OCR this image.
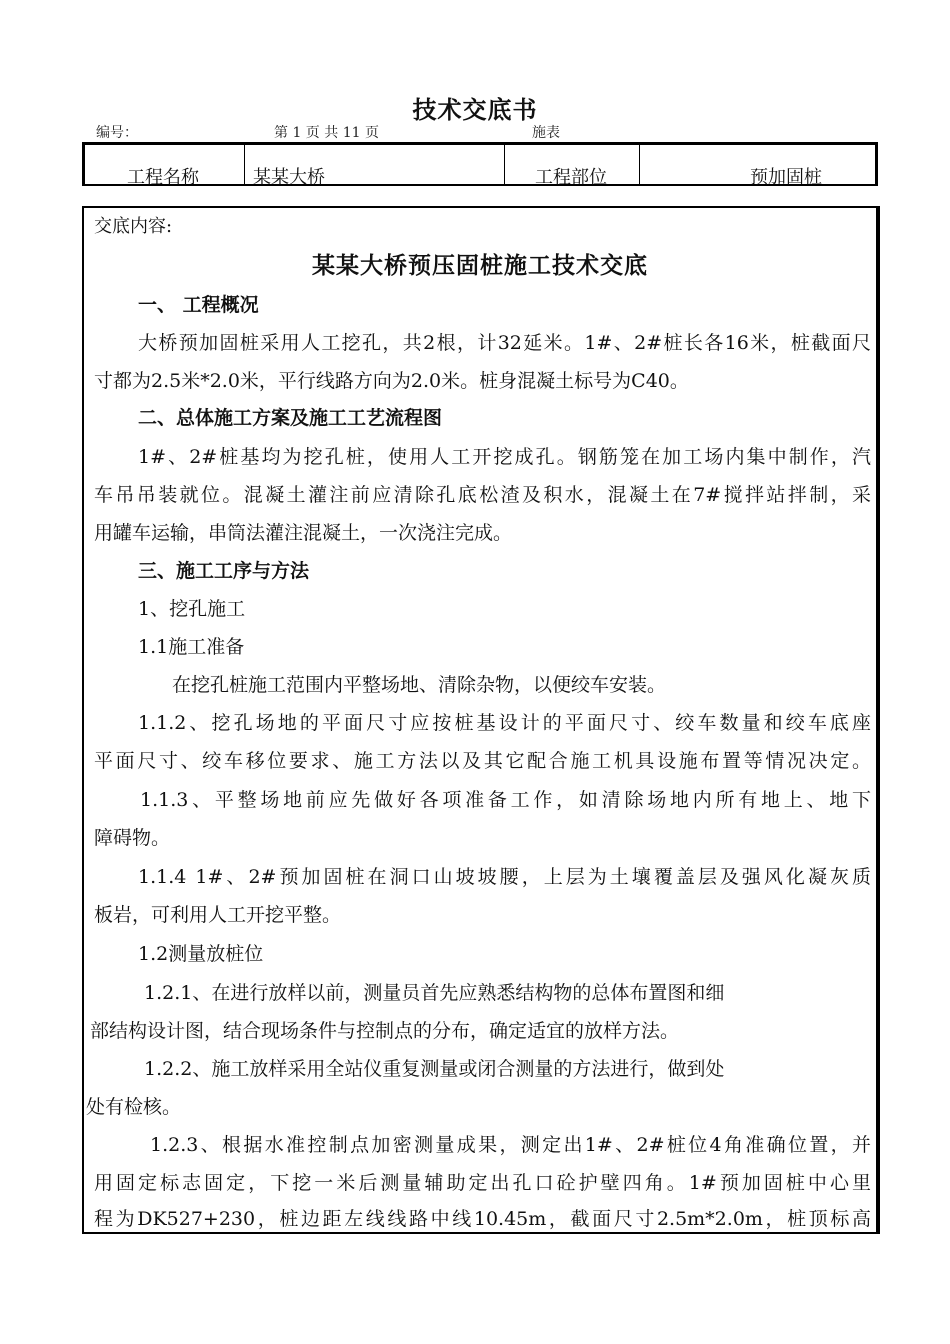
技术交底书
编号：	第 1 页 共 11 页	施表
工程名称	某某大桥	工程部位	预加固桩
交底内容:
某某大桥预压固桩施工技术交底
一、 工程概况
大桥预加固桩采用人工挖孔，共2根，计32延米。1#、2#桩长各16米，桩截面尺
寸都为2.5米*2.0米，平行线路方向为2.0米。桩身混凝土标号为C40。
二、总体施工方案及施工工艺流程图
1#、2#桩基均为挖孔桩，使用人工开挖成孔。钢筋笼在加工场内集中制作，汽
车吊吊装就位。混凝土灌注前应清除孔底松渣及积水，混凝土在7#搅拌站拌制，采
用罐车运输，串筒法灌注混凝土，一次浇注完成。
三、施工工序与方法
1、挖孔施工
1.1施工准备
在挖孔桩施工范围内平整场地、清除杂物，以便绞车安装。
1.1.2、挖孔场地的平面尺寸应按桩基设计的平面尺寸、绞车数量和绞车底座
平面尺寸、绞车移位要求、施工方法以及其它配合施工机具设施布置等情况决定。
1.1.3、平整场地前应先做好各项准备工作，如清除场地内所有地上、地下
障碍物。
1.1.4 1#、2#预加固桩在洞口山坡坡腰，上层为土壤覆盖层及强风化凝灰质
板岩，可利用人工开挖平整。
1.2测量放桩位
1.2.1、在进行放样以前，测量员首先应熟悉结构物的总体布置图和细
部结构设计图，结合现场条件与控制点的分布，确定适宜的放样方法。
1.2.2、施工放样采用全站仪重复测量或闭合测量的方法进行，做到处
处有检核。
1.2.3、根据水准控制点加密测量成果，测定出1#、2#桩位4角准确位置，并
用固定标志固定，下挖一米后测量辅助定出孔口砼护壁四角。1#预加固桩中心里
程为DK527+230，桩边距左线线路中线10.45m，截面尺寸2.5m*2.0m，桩顶标高
